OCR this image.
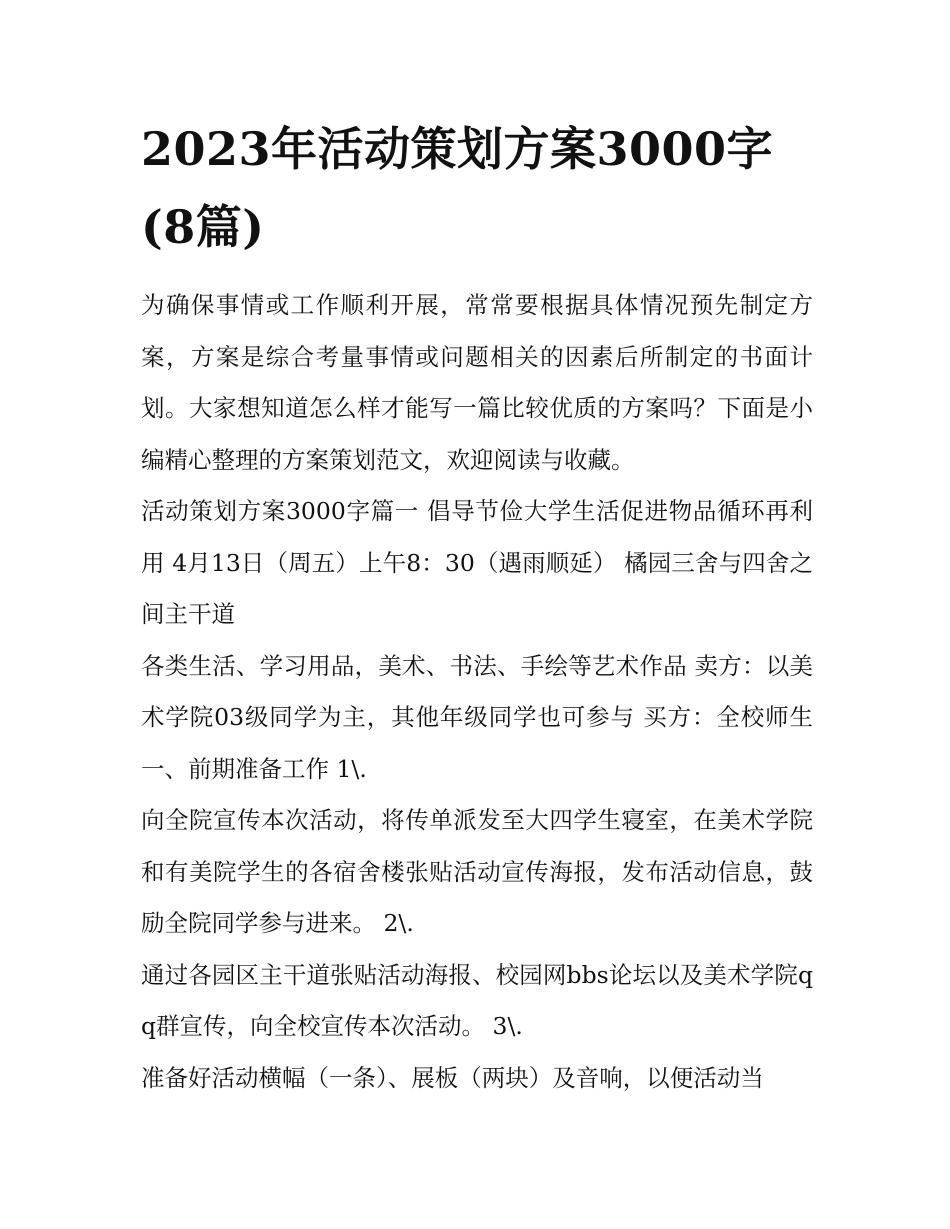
2023年活动策划方案3000字(8篇)

为确保事情或工作顺利开展，常常要根据具体情况预先制定方案，方案是综合考量事情或问题相关的因素后所制定的书面计划。大家想知道怎么样才能写一篇比较优质的方案吗？下面是小编精心整理的方案策划范文，欢迎阅读与收藏。

活动策划方案3000字篇一 倡导节俭大学生活促进物品循环再利用 4月13日（周五）上午8：30（遇雨顺延） 橘园三舍与四舍之间主干道

各类生活、学习用品，美术、书法、手绘等艺术作品 卖方：以美术学院03级同学为主，其他年级同学也可参与 买方：全校师生 一、前期准备工作 1\.

向全院宣传本次活动，将传单派发至大四学生寝室，在美术学院和有美院学生的各宿舍楼张贴活动宣传海报，发布活动信息，鼓励全院同学参与进来。 2\.

通过各园区主干道张贴活动海报、校园网bbs论坛以及美术学院qq群宣传，向全校宣传本次活动。 3\.

准备好活动横幅（一条）、展板（两块）及音响，以便活动当
